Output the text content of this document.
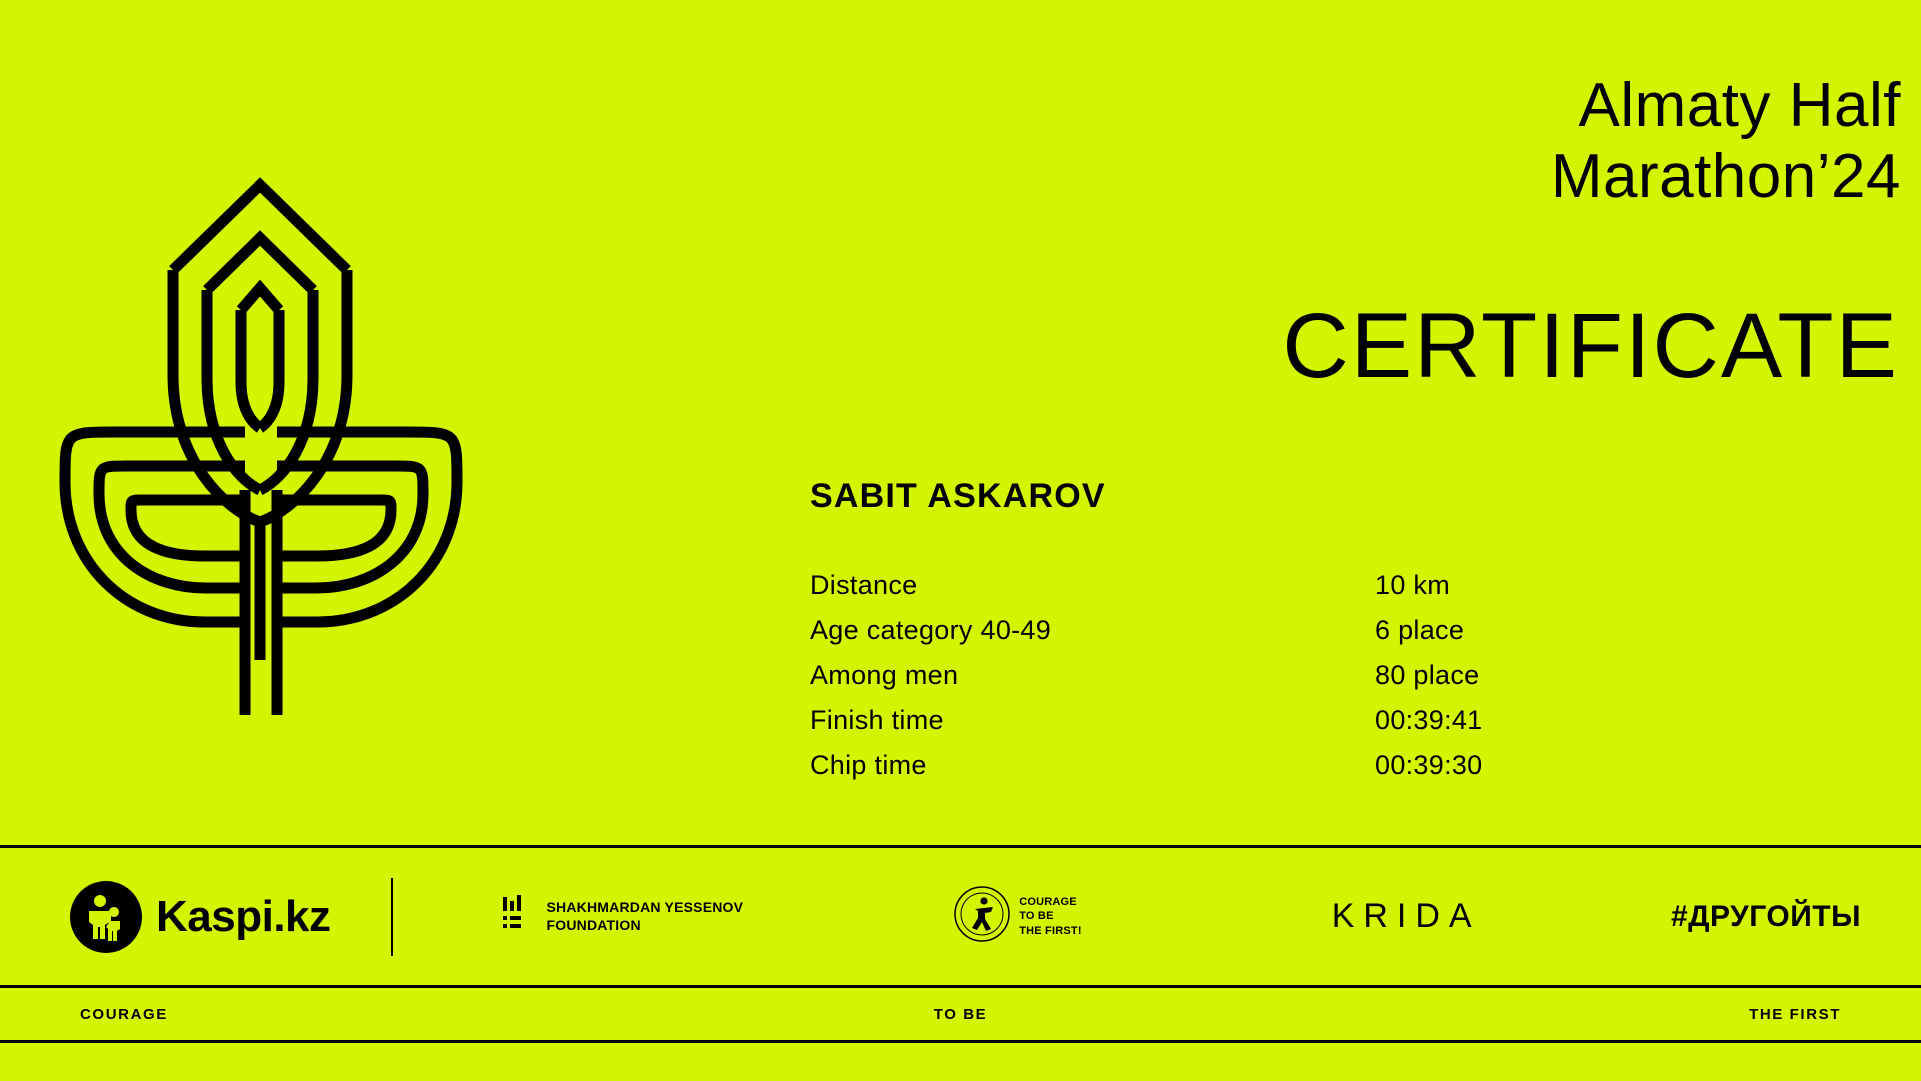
Almaty Half
Marathon’24
CERTIFICATE
SABIT ASKAROV
Distance	10 km
Age category 40-49	6 place
Among men	80 place
Finish time	00:39:41
Chip time	00:39:30
Kaspi.kz	SHAKHMARDAN YESSENOV
FOUNDATION
COURAGE
TO BE
THE FIRST!	KRIDA	#ДРУГОЙТЫ
COURAGE	TO BE	THE FIRST
